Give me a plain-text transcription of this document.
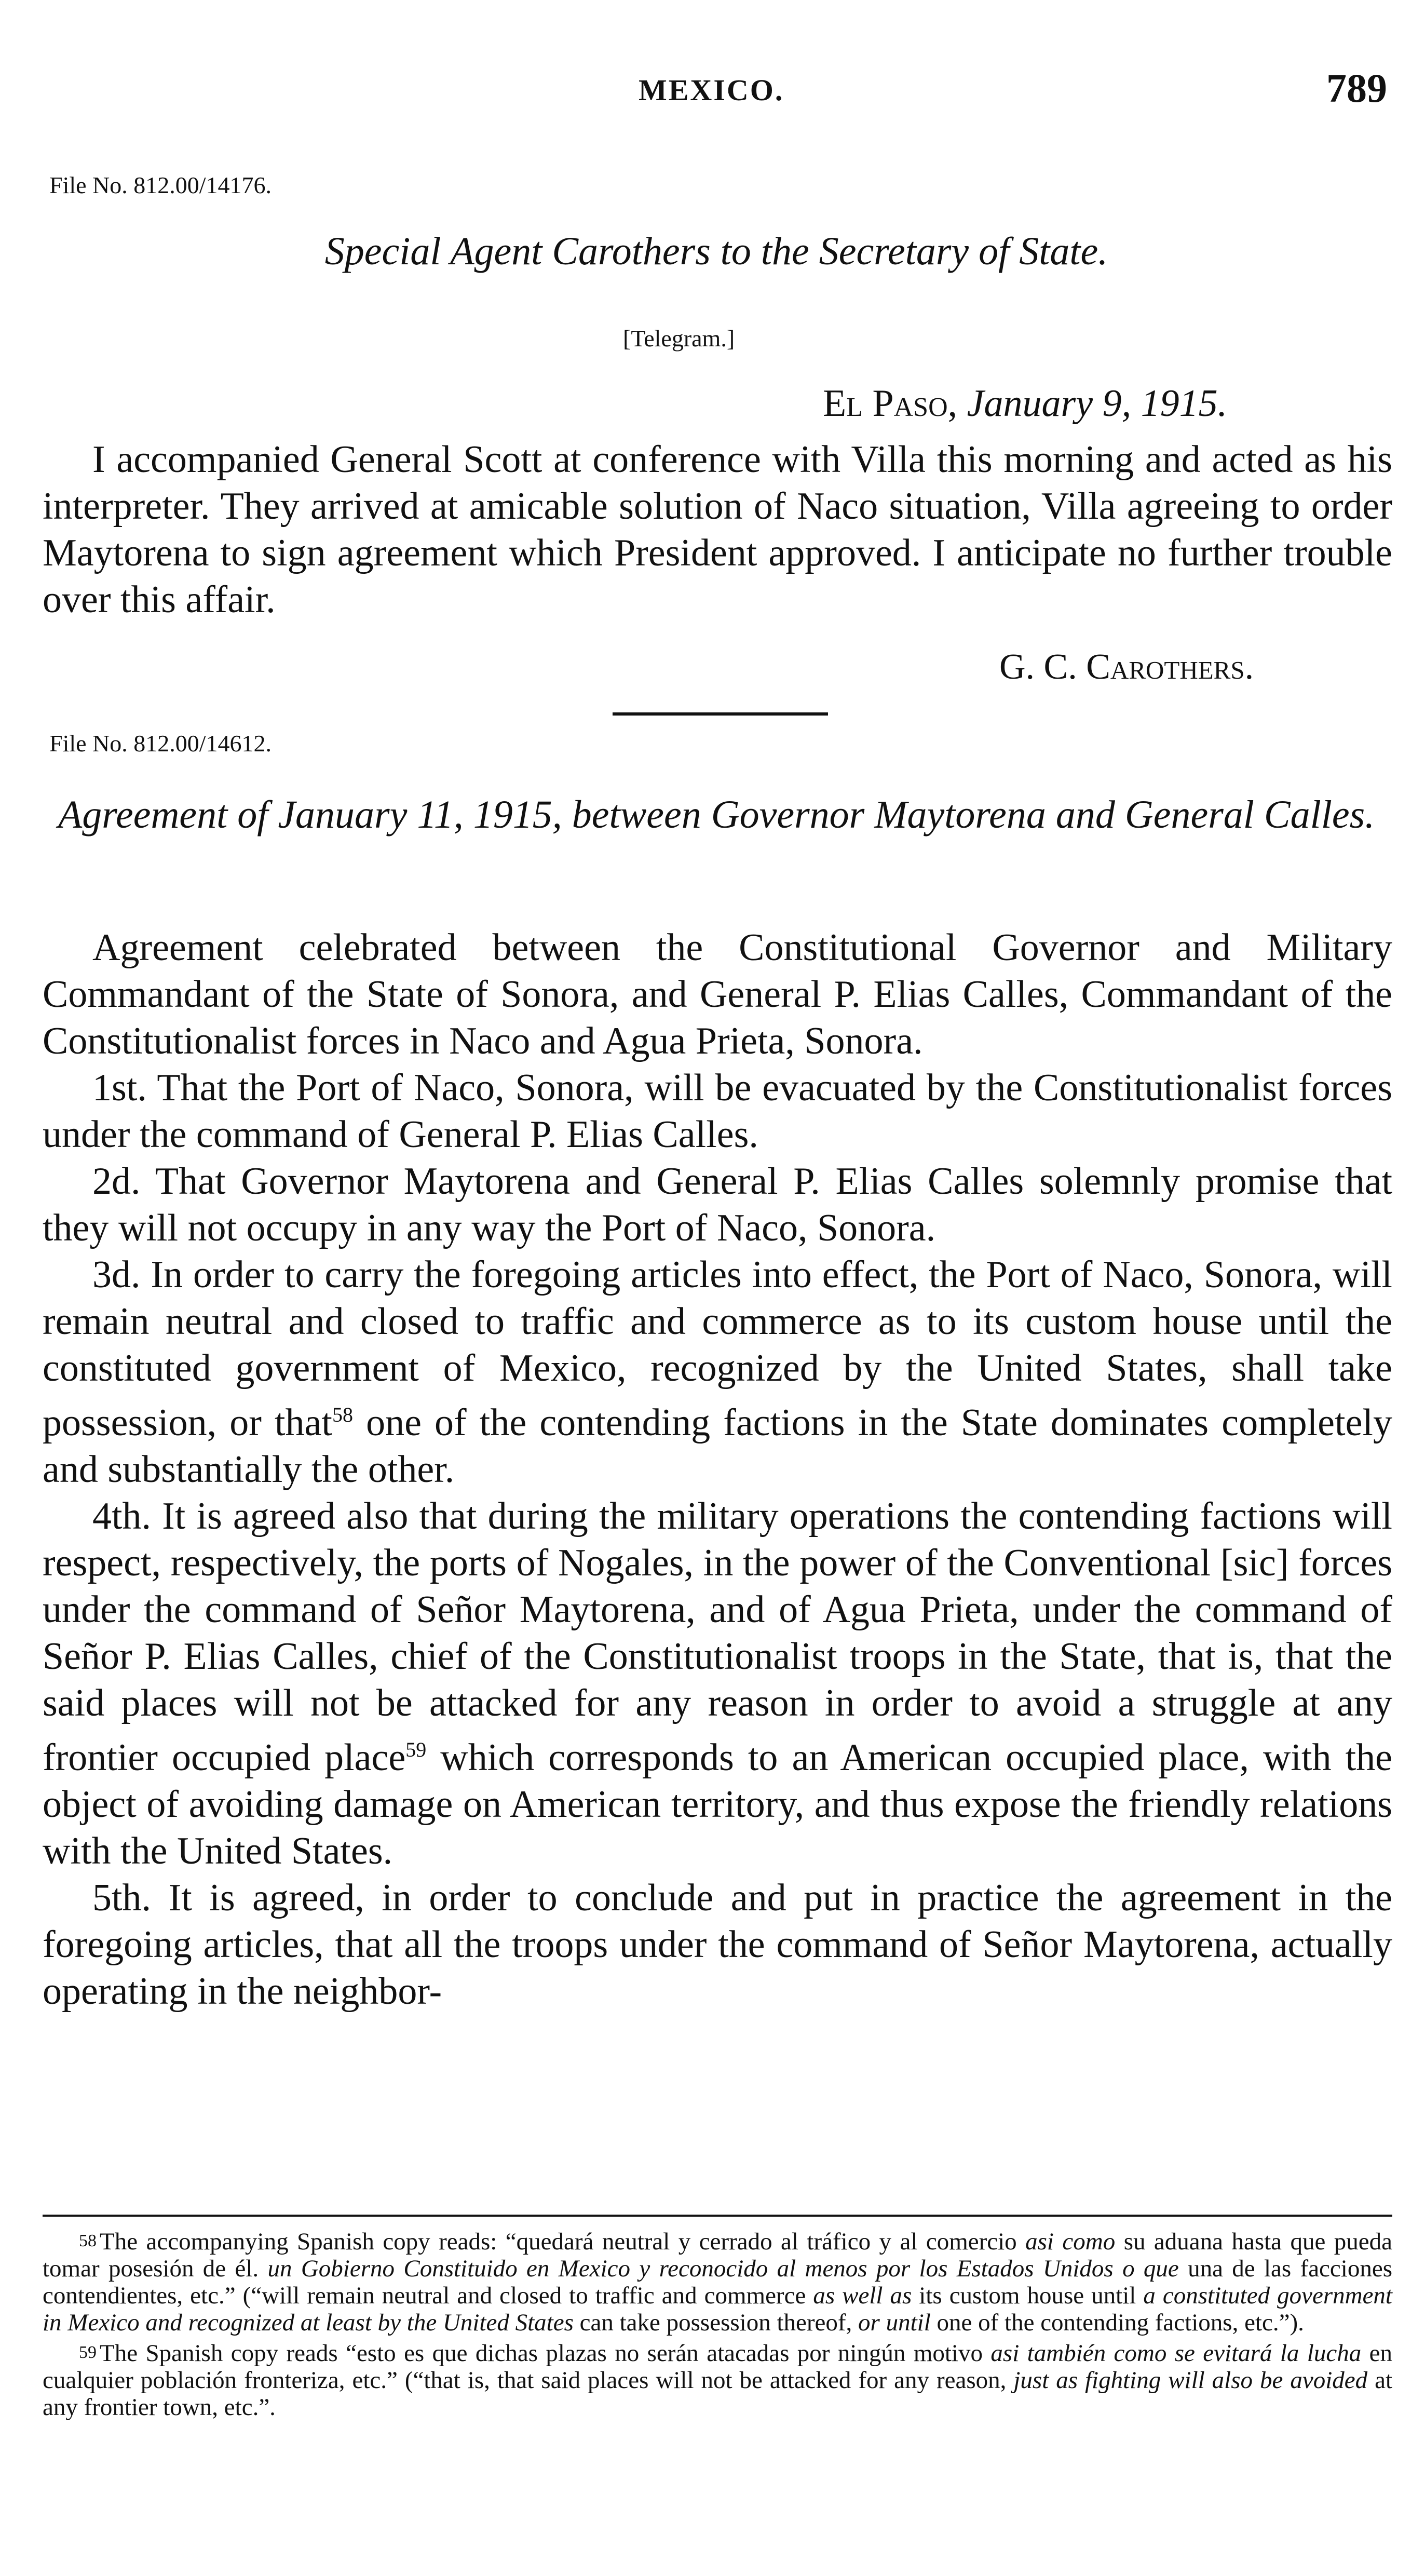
MEXICO.	789
File No. 812.00/14176.
Special Agent Carothers to the Secretary of State.
[Telegram.]
El Paso, January 9, 1915.

I accompanied General Scott at conference with Villa this morning and acted as his interpreter. They arrived at amicable solution of Naco situation, Villa agreeing to order Maytorena to sign agreement which President approved. I anticipate no further trouble over this affair.

G. C. Carothers.
File No. 812.00/14612.
Agreement of January 11, 1915, between Governor Maytorena and General Calles.

Agreement celebrated between the Constitutional Governor and Military Commandant of the State of Sonora, and General P. Elias Calles, Commandant of the Constitutionalist forces in Naco and Agua Prieta, Sonora.

1st. That the Port of Naco, Sonora, will be evacuated by the Constitutionalist forces under the command of General P. Elias Calles.

2d. That Governor Maytorena and General P. Elias Calles solemnly promise that they will not occupy in any way the Port of Naco, Sonora.

3d. In order to carry the foregoing articles into effect, the Port of Naco, Sonora, will remain neutral and closed to traffic and commerce as to its custom house until the constituted government of Mexico, recognized by the United States, shall take possession, or that$^{58}$ one of the contending factions in the State dominates completely and substantially the other.

4th. It is agreed also that during the military operations the contending factions will respect, respectively, the ports of Nogales, in the power of the Conventional [sic] forces under the command of Señor Maytorena, and of Agua Prieta, under the command of Señor P. Elias Calles, chief of the Constitutionalist troops in the State, that is, that the said places will not be attacked for any reason in order to avoid a struggle at any frontier occupied place$^{59}$ which corresponds to an American occupied place, with the object of avoiding damage on American territory, and thus expose the friendly relations with the United States.

5th. It is agreed, in order to conclude and put in practice the agreement in the foregoing articles, that all the troops under the command of Señor Maytorena, actually operating in the neighbor-

58 The accompanying Spanish copy reads: “quedará neutral y cerrado al tráfico y al comercio asi como su aduana hasta que pueda tomar posesión de él. un Gobierno Constituido en Mexico y reconocido al menos por los Estados Unidos o que una de las facciones contendientes, etc.” (“will remain neutral and closed to traffic and commerce as well as its custom house until a constituted government in Mexico and recognized at least by the United States can take possession thereof, or until one of the contending factions, etc.”).

59 The Spanish copy reads “esto es que dichas plazas no serán atacadas por ningún motivo asi también como se evitará la lucha en cualquier población fronteriza, etc.” (“that is, that said places will not be attacked for any reason, just as fighting will also be avoided at any frontier town, etc.”.
